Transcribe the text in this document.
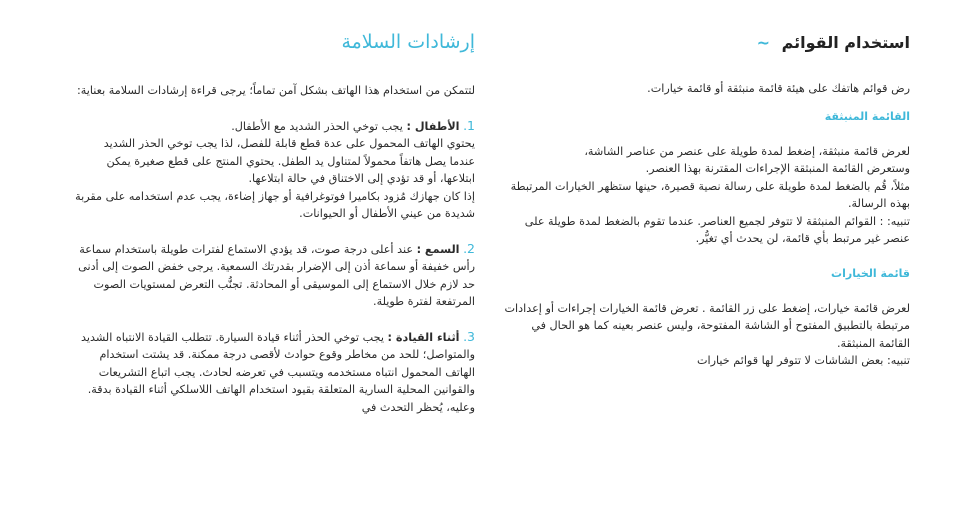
إرشادات السلامة

لتتمكن من استخدام هذا الهاتف بشكل آمن تماماً؛ يرجى قراءة إرشادات السلامة بعناية:

1. الأطفال : يجب توخي الحذر الشديد مع الأطفال.

يحتوي الهاتف المحمول على عدة قطع قابلة للفصل، لذا يجب توخي الحذر الشديد عندما يصل هاتفاً محمولاً لمتناول يد الطفل. يحتوي المنتج على قطع صغيرة يمكن ابتلاعها، أو قد تؤدي إلى الاختناق في حالة ابتلاعها.

إذا كان جهازك مُزود بكاميرا فوتوغرافية أو جهاز إضاءة، يجب عدم استخدامه على مقربة شديدة من عيني الأطفال أو الحيوانات.

2. السمع : عند أعلى درجة صوت، قد يؤدي الاستماع لفترات طويلة باستخدام سماعة رأس خفيفة أو سماعة أذن إلى الإضرار بقدرتك السمعية. يرجى خفض الصوت إلى أدنى حد لازم خلال الاستماع إلى الموسيقى أو المحادثة. تجنُّب التعرض لمستويات الصوت المرتفعة لفترة طويلة.

3. أثناء القيادة : يجب توخي الحذر أثناء قيادة السيارة. تتطلب القيادة الانتباه الشديد والمتواصل؛ للحد من مخاطر وقوع حوادث لأقصى درجة ممكنة. قد يشتت استخدام الهاتف المحمول انتباه مستخدمه ويتسبب في تعرضه لحادث. يجب اتباع التشريعات والقوانين المحلية السارية المتعلقة بقيود استخدام الهاتف اللاسلكي أثناء القيادة بدقة. وعليه، يُحظر التحدث في

استخدام القوائم ~

رض قوائم هاتفك على هيئة قائمة منبثقة أو قائمة خيارات.

القائمة المنبثقة

لعرض قائمة منبثقة، إضغط لمدة طويلة على عنصر من عناصر الشاشة،

وستعرض القائمة المنبثقة الإجراءات المقترنة بهذا العنصر.

مثلاً، قُم بالضغط لمدة طويلة على رسالة نصية قصيرة، حينها ستظهر الخيارات المرتبطة بهذه الرسالة.

تنبيه: : القوائم المنبثقة لا تتوفر لجميع العناصر. عندما تقوم بالضغط لمدة طويلة على عنصر غير مرتبط بأي قائمة، لن يحدث أي تغيُّر.

قائمة الخيارات

لعرض قائمة خيارات، إضغط على زر القائمة . تعرض قائمة الخيارات إجراءات أو إعدادات مرتبطة بالتطبيق المفتوح أو الشاشة المفتوحة، وليس عنصر بعينه كما هو الحال في القائمة المنبثقة.

تنبيه: بعض الشاشات لا تتوفر لها قوائم خيارات
